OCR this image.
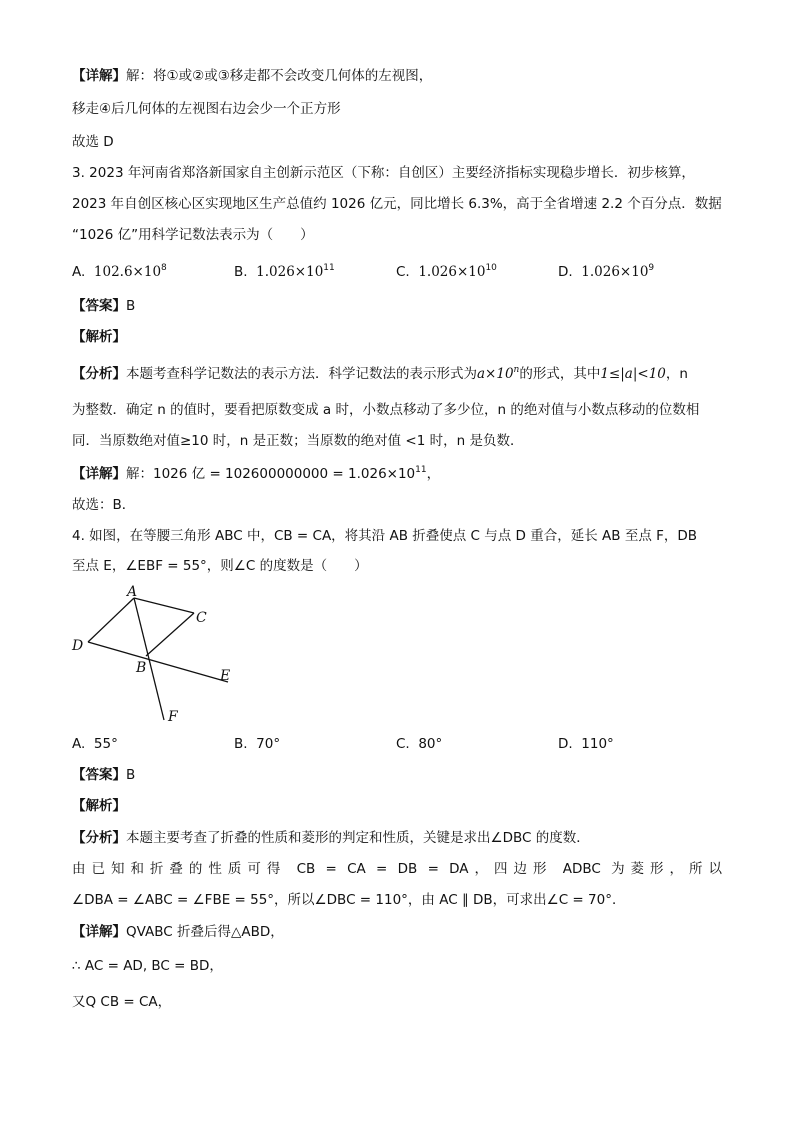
【详解】解：将①或②或③移走都不会改变几何体的左视图，
移走④后几何体的左视图右边会少一个正方形
故选 D
3. 2023 年河南省郑洛新国家自主创新示范区（下称：自创区）主要经济指标实现稳步增长．初步核算，
2023 年自创区核心区实现地区生产总值约 1026 亿元，同比增长 6.3%，高于全省增速 2.2 个百分点．数据
“1026 亿”用科学记数法表示为（　　）
A. $102.6\times 10^8$	B. $1.026\times 10^{11}$	C. $1.026\times 10^{10}$	D. $1.026\times 10^9$
【答案】B
【解析】
【分析】本题考查科学记数法的表示方法．科学记数法的表示形式为$a\times 10^n$的形式，其中1≤|a|<10，n
为整数．确定 n 的值时，要看把原数变成 a 时，小数点移动了多少位，n 的绝对值与小数点移动的位数相
同．当原数绝对值≥10 时，n 是正数；当原数的绝对值 <1 时，n 是负数．
【详解】解：1026 亿 = $102600000000 = 1.026\times 10^{11}$，
故选：B．
4. 如图，在等腰三角形 ABC 中，CB = CA，将其沿 AB 折叠使点 C 与点 D 重合，延长 AB 至点 F，DB
至点 E，∠EBF = 55°，则∠C 的度数是（　　）
A
C
D
B	E
F
A. 55°	B. 70°	C. 80°	D. 110°
【答案】B
【解析】
【分析】本题主要考查了折叠的性质和菱形的判定和性质，关键是求出∠DBC 的度数．
由已知和折叠的性质可得 CB = CA = DB = DA，四边形 ADBC 为菱形，所以
∠DBA = ∠ABC = ∠FBE = 55°，所以∠DBC = 110°，由 AC ∥ DB，可求出∠C = 70°．
【详解】QVABC 折叠后得△ABD，
∴ AC = AD, BC = BD，
又Q CB = CA，
